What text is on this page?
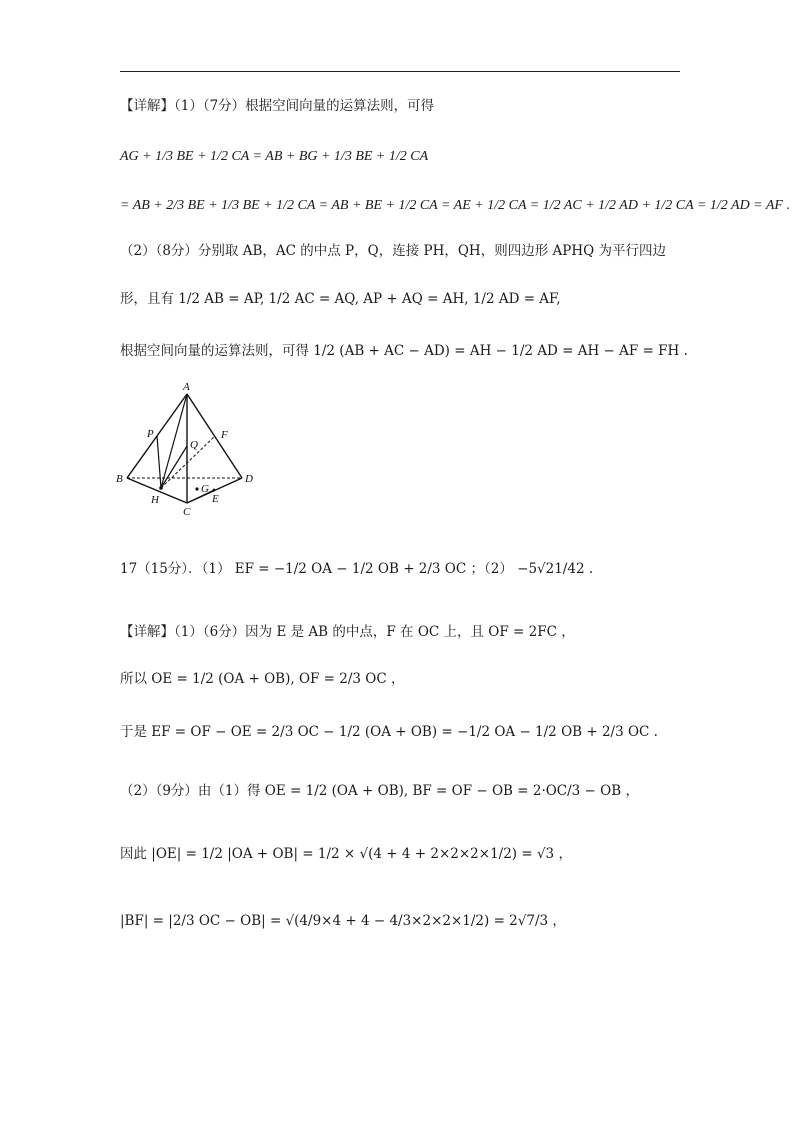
【详解】（1）（7分）根据空间向量的运算法则，可得
AG + 1/3 BE + 1/2 CA = AB + BG + 1/3 BE + 1/2 CA
= AB + 2/3 BE + 1/3 BE + 1/2 CA = AB + BE + 1/2 CA = AE + 1/2 CA = 1/2 AC + 1/2 AD + 1/2 CA = 1/2 AD = AF .
（2）（8分）分别取 AB，AC 的中点 P，Q，连接 PH，QH，则四边形 APHQ 为平行四边
形，且有 1/2 AB = AP, 1/2 AC = AQ, AP + AQ = AH, 1/2 AD = AF,
根据空间向量的运算法则，可得 1/2 (AB + AC − AD) = AH − 1/2 AD = AH − AF = FH .
A
B
C
D
E
F
G
H
P
Q
17（15分）．（1） EF = −1/2 OA − 1/2 OB + 2/3 OC ；（2） −5√21/42 .
【详解】（1）（6分）因为 E 是 AB 的中点，F 在 OC 上，且 OF = 2FC ，
所以 OE = 1/2 (OA + OB), OF = 2/3 OC ，
于是 EF = OF − OE = 2/3 OC − 1/2 (OA + OB) = −1/2 OA − 1/2 OB + 2/3 OC .
（2）（9分）由（1）得 OE = 1/2 (OA + OB), BF = OF − OB = 2·OC/3 − OB ，
因此 |OE| = 1/2 |OA + OB| = 1/2 × √(4 + 4 + 2×2×2×1/2) = √3 ，
|BF| = |2/3 OC − OB| = √(4/9×4 + 4 − 4/3×2×2×1/2) = 2√7/3 ，
